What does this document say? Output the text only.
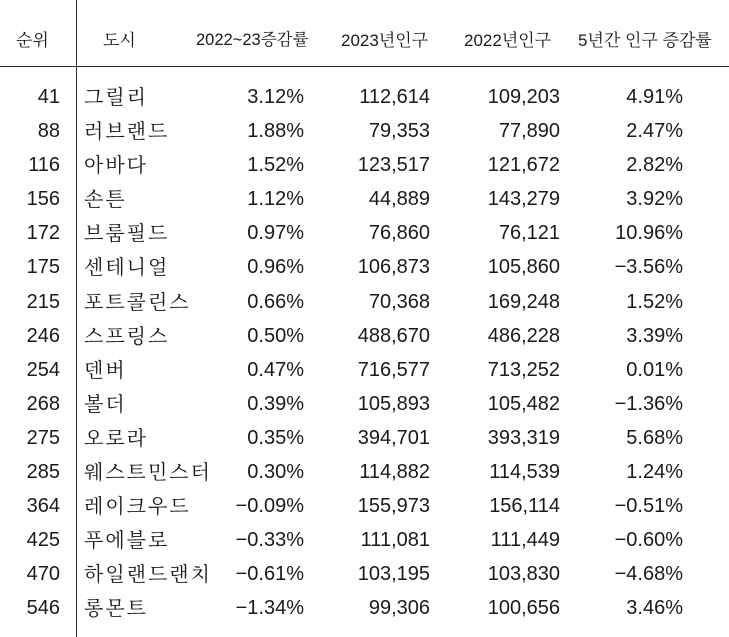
순위	도시	2022~23증감률	2023년인구	2022년인구	5년간 인구 증감률
41 그릴리	3.12%	112,614	109,203	4.91%
88 러브랜드	1.88%	79,353	77,890	2.47%
116 아바다	1.52%	123,517	121,672	2.82%
156 손튼	1.12%	44,889	143,279	3.92%
172 브룸필드	0.97%	76,860	76,121	10.96%
175 센테니얼	0.96%	106,873	105,860	−3.56%
215 포트콜린스	0.66%	70,368	169,248	1.52%
246 스프링스	0.50%	488,670	486,228	3.39%
254 덴버	0.47%	716,577	713,252	0.01%
268 볼더	0.39%	105,893	105,482	−1.36%
275 오로라	0.35%	394,701	393,319	5.68%
285 웨스트민스터	0.30%	114,882	114,539	1.24%
364 레이크우드	−0.09%	155,973	156,114	−0.51%
425 푸에블로	−0.33%	111,081	111,449	−0.60%
470 하일랜드랜치	−0.61%	103,195	103,830	−4.68%
546 롱몬트	−1.34%	99,306	100,656	3.46%
